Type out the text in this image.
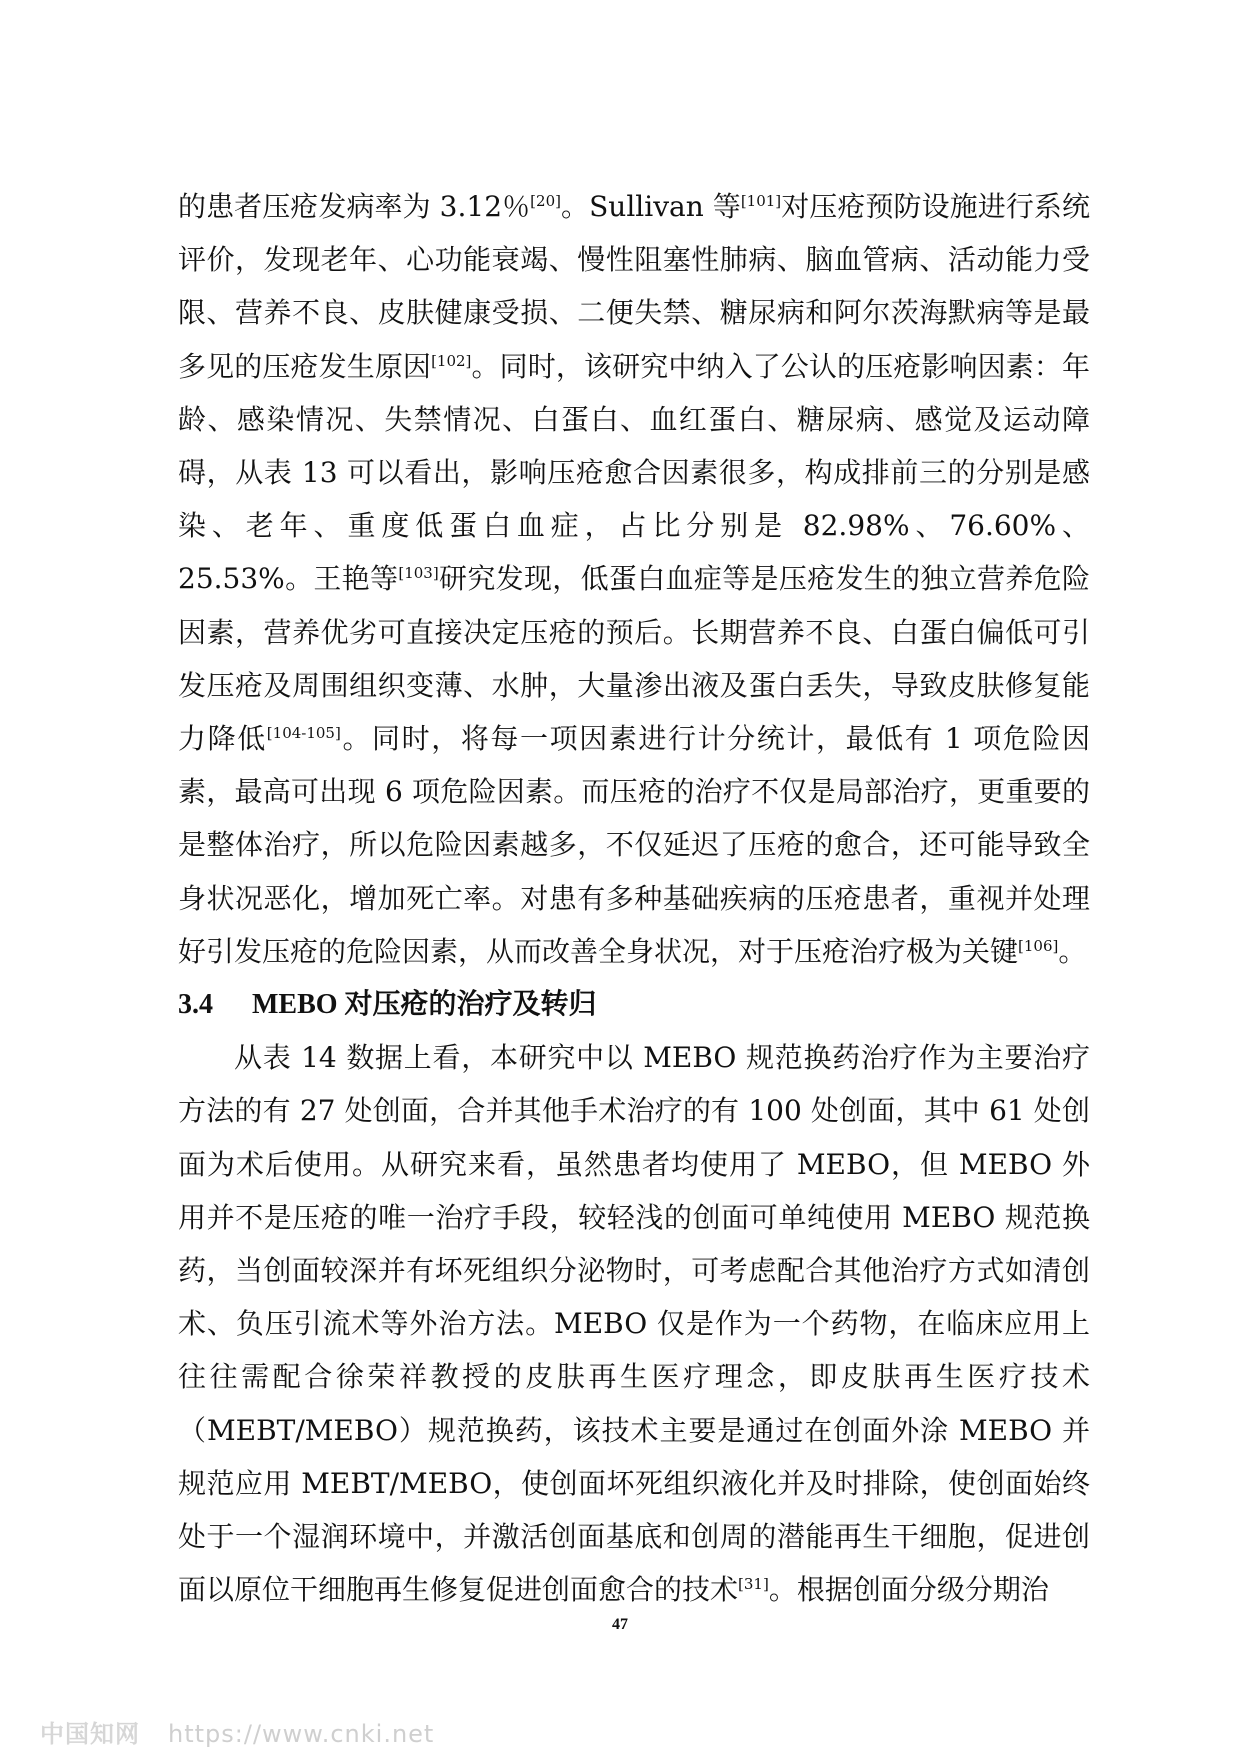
的患者压疮发病率为 3.12％[20]。Sullivan 等[101]对压疮预防设施进行系统评价，发现老年、心功能衰竭、慢性阻塞性肺病、脑血管病、活动能力受限、营养不良、皮肤健康受损、二便失禁、糖尿病和阿尔茨海默病等是最多见的压疮发生原因[102]。同时，该研究中纳入了公认的压疮影响因素：年龄、感染情况、失禁情况、白蛋白、血红蛋白、糖尿病、感觉及运动障碍，从表 13 可以看出，影响压疮愈合因素很多，构成排前三的分别是感染、老年、重度低蛋白血症，占比分别是 82.98%、76.60%、25.53%。王艳等[103]研究发现，低蛋白血症等是压疮发生的独立营养危险因素，营养优劣可直接决定压疮的预后。长期营养不良、白蛋白偏低可引发压疮及周围组织变薄、水肿，大量渗出液及蛋白丢失，导致皮肤修复能力降低[104-105]。同时，将每一项因素进行计分统计，最低有 1 项危险因素，最高可出现 6 项危险因素。而压疮的治疗不仅是局部治疗，更重要的是整体治疗，所以危险因素越多，不仅延迟了压疮的愈合，还可能导致全身状况恶化，增加死亡率。对患有多种基础疾病的压疮患者，重视并处理好引发压疮的危险因素，从而改善全身状况，对于压疮治疗极为关键[106]。

3.4 MEBO 对压疮的治疗及转归

从表 14 数据上看，本研究中以 MEBO 规范换药治疗作为主要治疗方法的有 27 处创面，合并其他手术治疗的有 100 处创面，其中 61 处创面为术后使用。从研究来看，虽然患者均使用了 MEBO，但 MEBO 外用并不是压疮的唯一治疗手段，较轻浅的创面可单纯使用 MEBO 规范换药，当创面较深并有坏死组织分泌物时，可考虑配合其他治疗方式如清创术、负压引流术等外治方法。MEBO 仅是作为一个药物，在临床应用上往往需配合徐荣祥教授的皮肤再生医疗理念，即皮肤再生医疗技术（MEBT/MEBO）规范换药，该技术主要是通过在创面外涂 MEBO 并规范应用 MEBT/MEBO，使创面坏死组织液化并及时排除，使创面始终处于一个湿润环境中，并激活创面基底和创周的潜能再生干细胞，促进创面以原位干细胞再生修复促进创面愈合的技术[31]。根据创面分级分期治

47
中国知网 https://www.cnki.net
